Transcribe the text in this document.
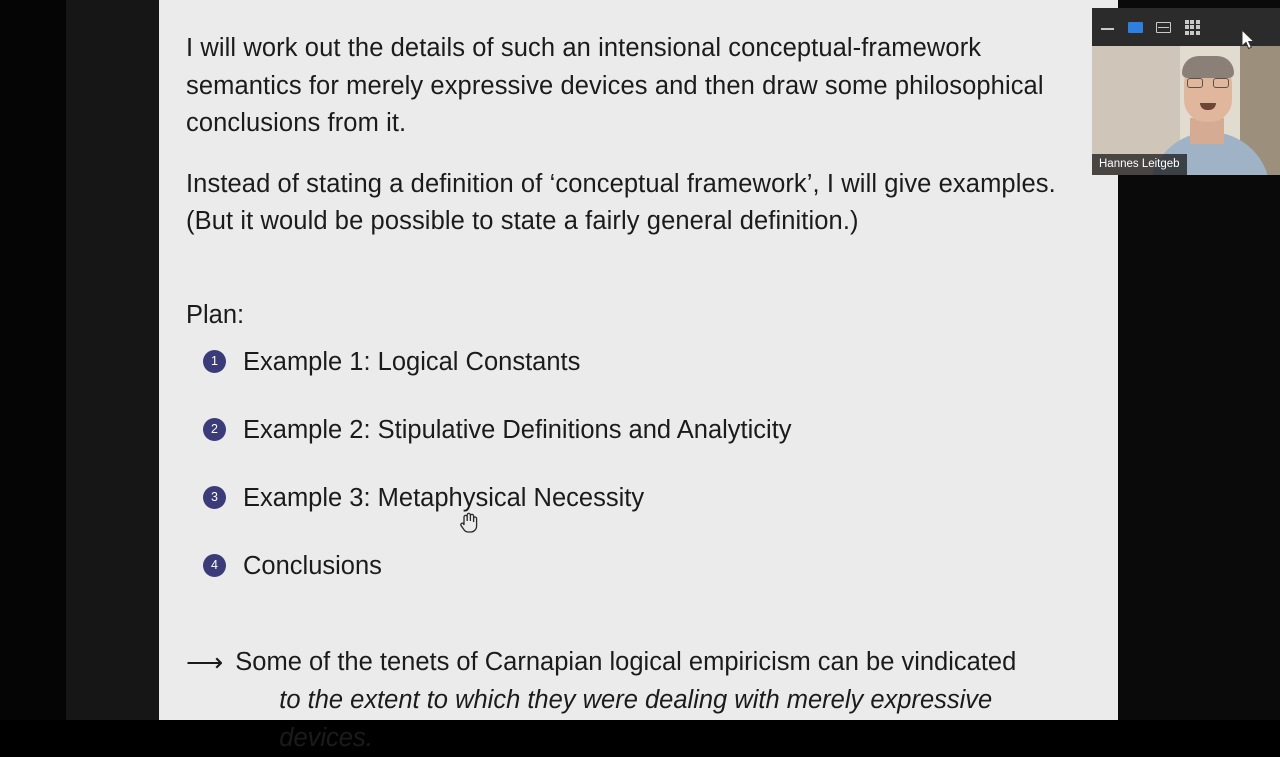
I will work out the details of such an intensional conceptual-framework semantics for merely expressive devices and then draw some philosophical conclusions from it.

Instead of stating a definition of ‘conceptual framework’, I will give examples. (But it would be possible to state a fairly general definition.)

Plan:
1 Example 1: Logical Constants
2 Example 2: Stipulative Definitions and Analyticity
3 Example 3: Metaphysical Necessity
4 Conclusions
⟶ Some of the tenets of Carnapian logical empiricism can be vindicated
to the extent to which they were dealing with merely expressive devices.
Hannes Leitgeb
